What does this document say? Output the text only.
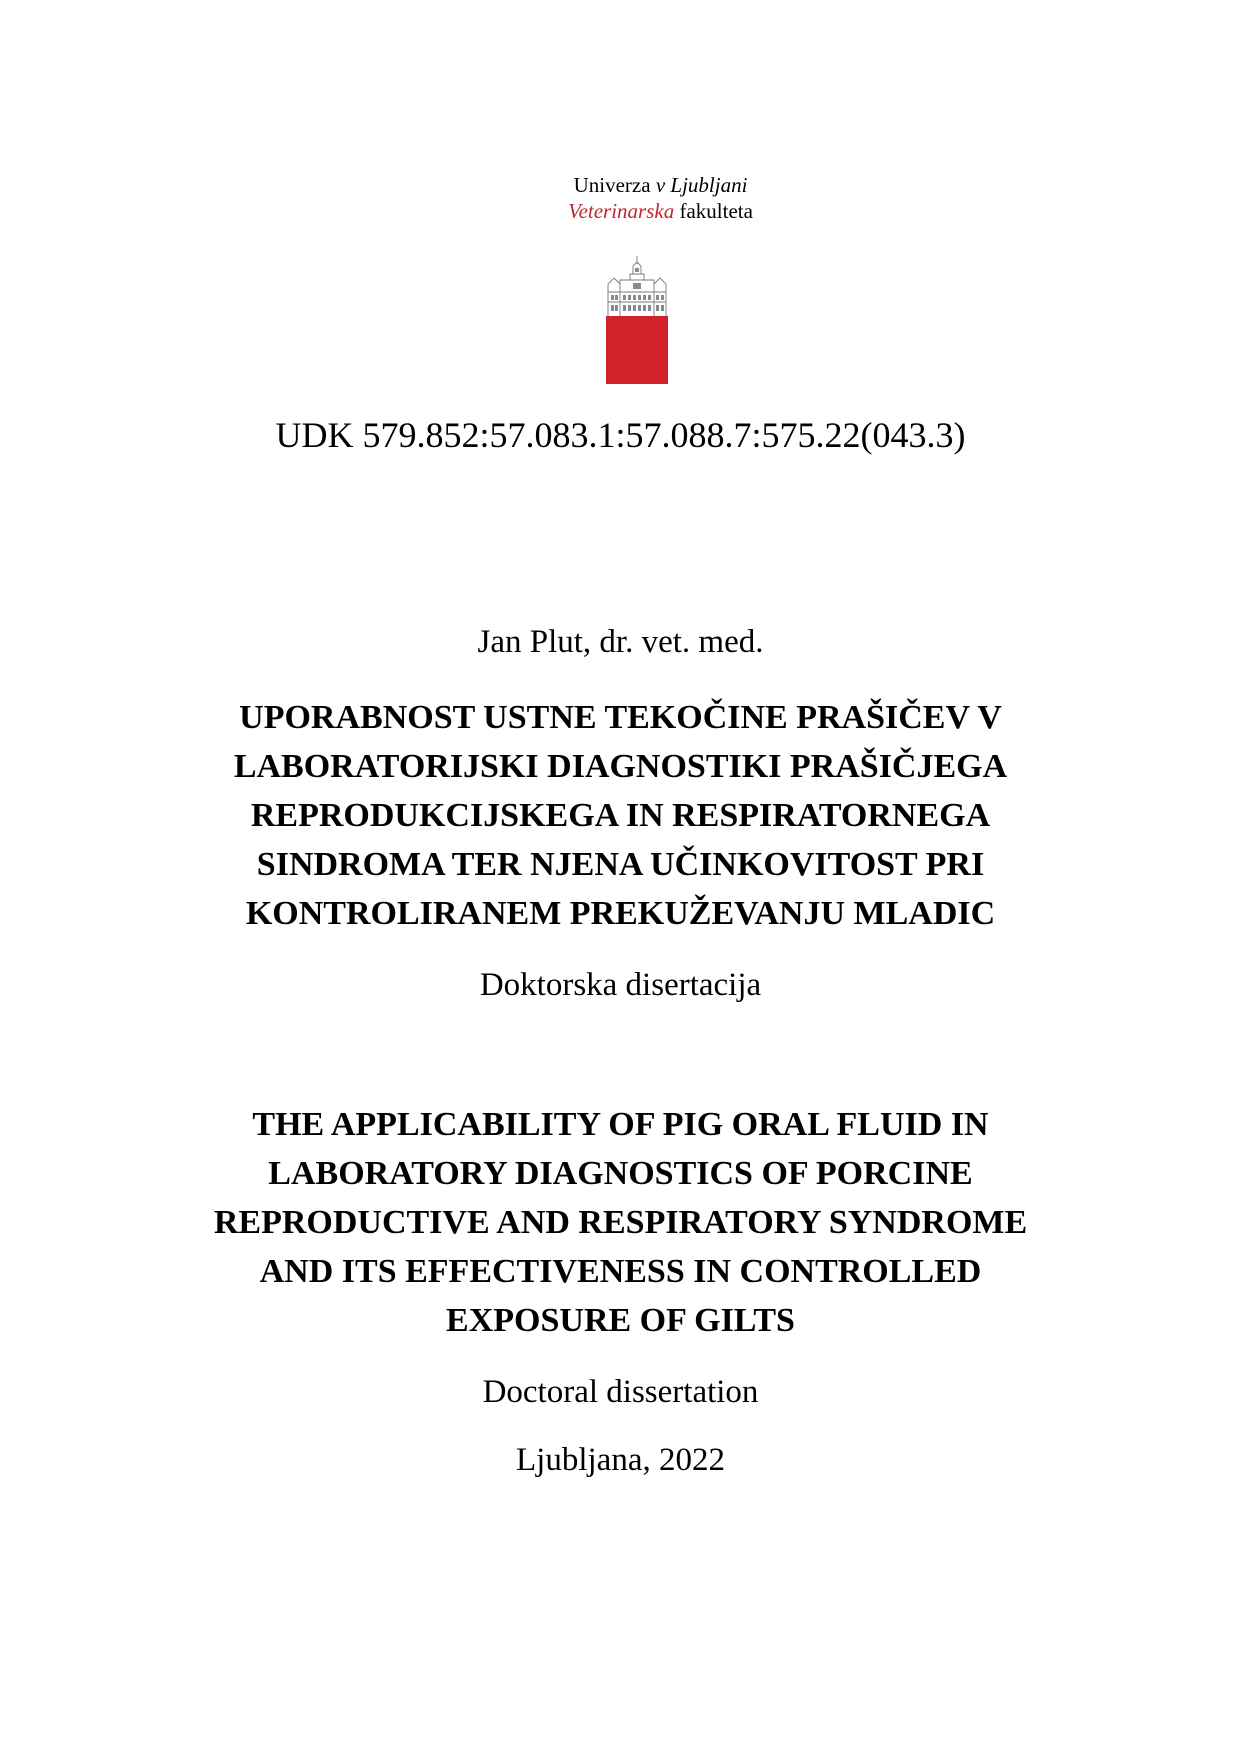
Univerza v Ljubljani
Veterinarska fakulteta
UDK 579.852:57.083.1:57.088.7:575.22(043.3)
Jan Plut, dr. vet. med.
UPORABNOST USTNE TEKOČINE PRAŠIČEV V
LABORATORIJSKI DIAGNOSTIKI PRAŠIČJEGA
REPRODUKCIJSKEGA IN RESPIRATORNEGA
SINDROMA TER NJENA UČINKOVITOST PRI
KONTROLIRANEM PREKUŽEVANJU MLADIC
Doktorska disertacija
THE APPLICABILITY OF PIG ORAL FLUID IN
LABORATORY DIAGNOSTICS OF PORCINE
REPRODUCTIVE AND RESPIRATORY SYNDROME
AND ITS EFFECTIVENESS IN CONTROLLED
EXPOSURE OF GILTS
Doctoral dissertation
Ljubljana, 2022
